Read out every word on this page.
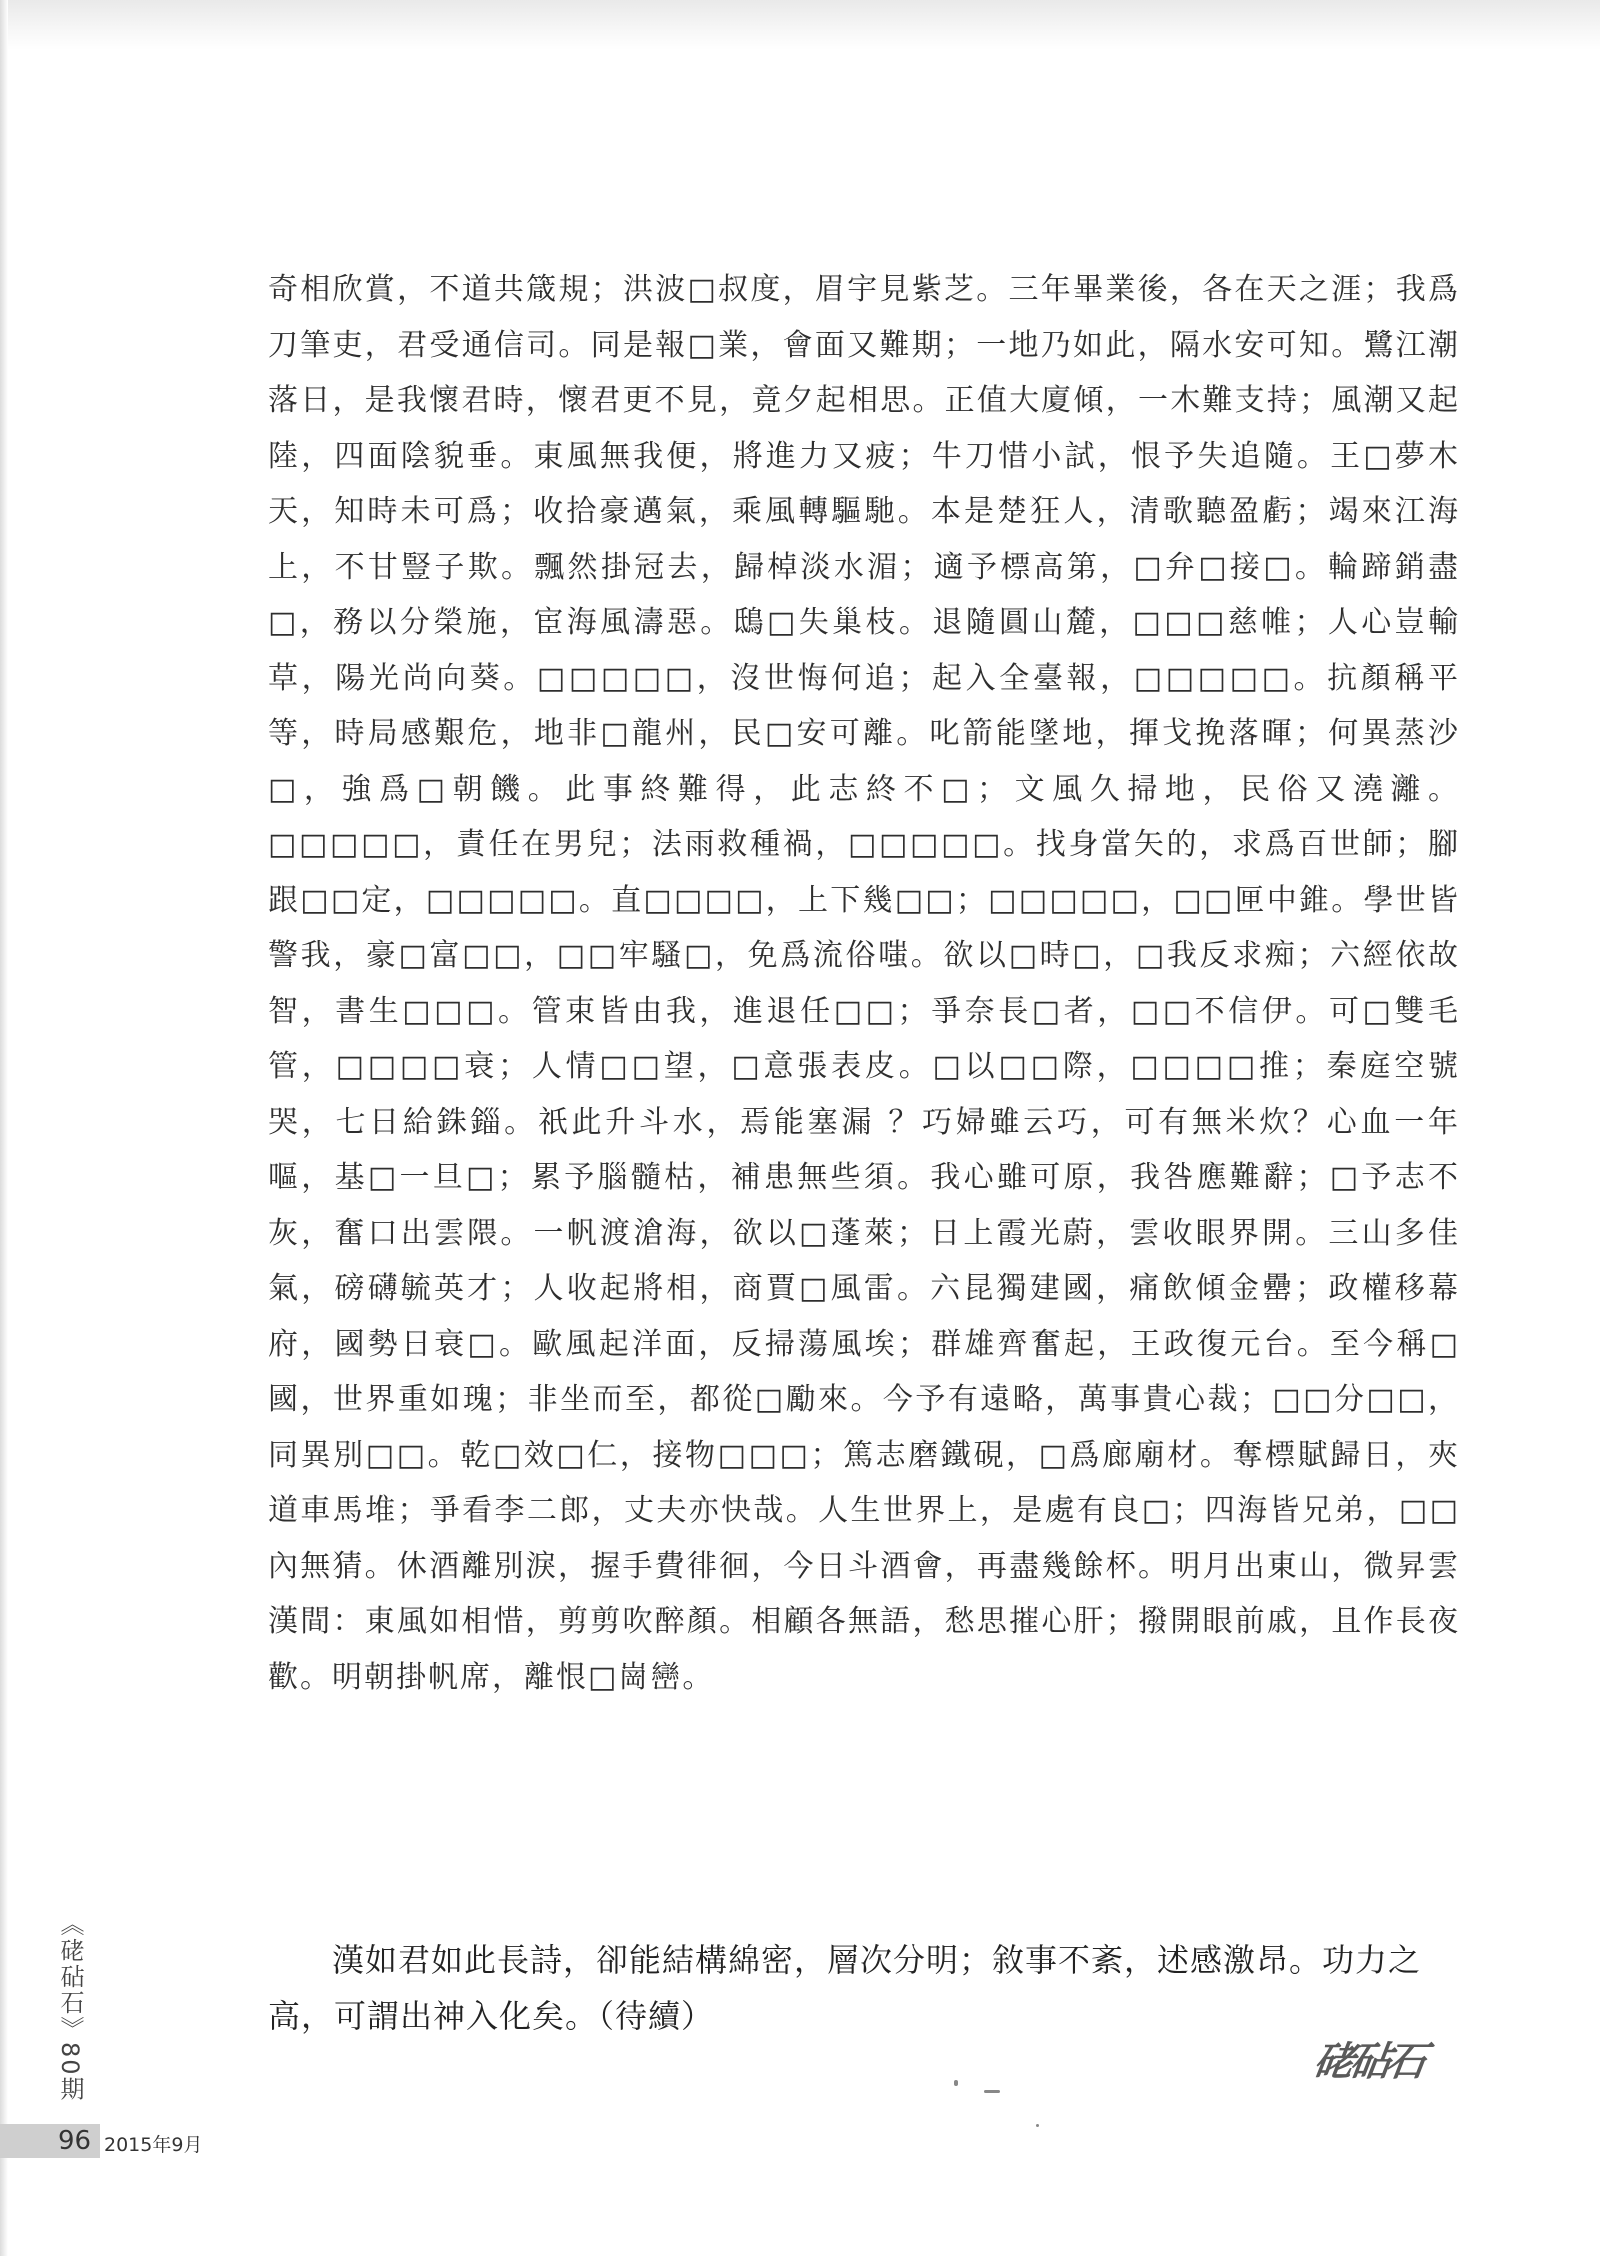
奇相欣賞，不道共箴規；洪波□叔度，眉宇見紫芝。三年畢業後，各在天之涯；我爲刀筆吏，君受通信司。同是報□業，會面又難期；一地乃如此，隔水安可知。鷺江潮落日，是我懷君時，懷君更不見，竟夕起相思。正值大廈傾，一木難支持；風潮又起陸，四面陰貌垂。東風無我便，將進力又疲；牛刀惜小試，恨予失追隨。王□夢木天，知時未可爲；收拾豪邁氣，乘風轉驅馳。本是楚狂人，清歌聽盈虧；竭來江海上，不甘豎子欺。飄然掛冠去，歸棹淡水湄；適予標高第，□弁□接□。輪蹄銷盡□，務以分榮施，宦海風濤惡。鴟□失巢枝。退隨圓山麓，□□□慈帷；人心豈輸草，陽光尚向葵。□□□□□，沒世悔何追；起入全臺報，□□□□□。抗顏稱平等，時局感艱危，地非□龍州，民□安可離。叱箭能墜地，揮戈挽落暉；何異蒸沙□，強爲□朝饑。此事終難得，此志終不□；文風久掃地，民俗又澆灕。□□□□□，責任在男兒；法雨救種禍，□□□□□。找身當矢的，求爲百世師；腳跟□□定，□□□□□。直□□□□，上下幾□□；□□□□□，□□匣中錐。學世皆警我，豪□富□□，□□牢騷□，免爲流俗嗤。欲以□時□，□我反求痴；六經依故智，書生□□□。管束皆由我，進退任□□；爭奈長□者，□□不信伊。可□雙毛管，□□□□衰；人情□□望，□意張表皮。□以□□際，□□□□推；秦庭空號哭，七日給銖錙。祇此升斗水，焉能塞漏 ？巧婦雖云巧，可有無米炊？心血一年嘔，基□一旦□；累予腦髓枯，補患無些須。我心雖可原，我咎應難辭；□予志不灰，奮口出雲隈。一帆渡滄海，欲以□蓬萊；日上霞光蔚，雲收眼界開。三山多佳氣，磅礴毓英才；人收起將相，商賈□風雷。六昆獨建國，痛飲傾金罍；政權移幕府，國勢日衰□。歐風起洋面，反掃蕩風埃；群雄齊奮起，王政復元台。至今稱□國，世界重如瑰；非坐而至，都從□勵來。今予有遠略，萬事貴心裁；□□分□□，同異別□□。乾□效□仁，接物□□□；篤志磨鐵硯，□爲廊廟材。奪標賦歸日，夾道車馬堆；爭看李二郎，丈夫亦快哉。人生世界上，是處有良□；四海皆兄弟，□□內無猜。休酒離別淚，握手費徘徊，今日斗酒會，再盡幾餘杯。明月出東山，微昇雲漢間：東風如相惜，剪剪吹醉顏。相顧各無語，愁思摧心肝；撥開眼前戚，且作長夜歡。明朝掛帆席，離恨□崗巒。

漢如君如此長詩，卻能結構綿密，層次分明；敘事不紊，述感激昂。功力之高，可謂出神入化矣。（待續）

硓砧石
《硓砧石》80期
96 2015年9月
